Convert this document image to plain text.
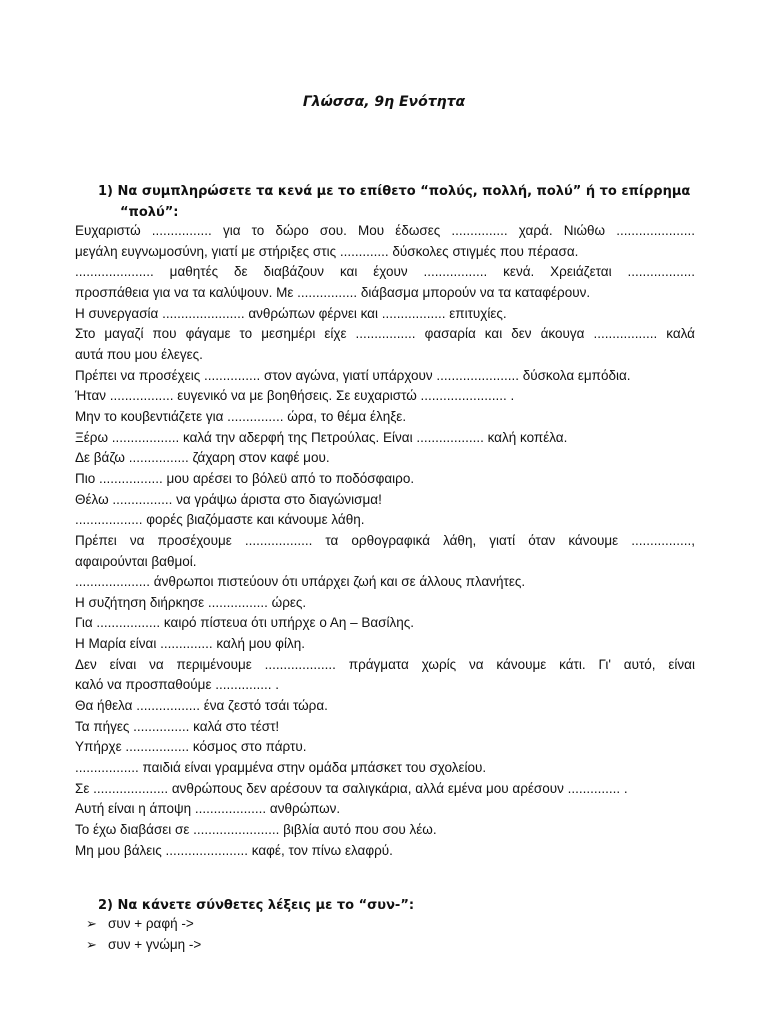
Γλώσσα, 9η Ενότητα
1) Να συμπληρώσετε τα κενά με το επίθετο “πολύς, πολλή, πολύ” ή το επίρρημα
“πολύ”:
Ευχαριστώ ................ για το δώρο σου. Μου έδωσες ............... χαρά. Νιώθω .....................
μεγάλη ευγνωμοσύνη, γιατί με στήριξες στις ............. δύσκολες στιγμές που πέρασα.
..................... μαθητές δε διαβάζουν και έχουν ................. κενά. Χρειάζεται ..................
προσπάθεια για να τα καλύψουν. Με ................ διάβασμα μπορούν να τα καταφέρουν.
Η συνεργασία ...................... ανθρώπων φέρνει και ................. επιτυχίες.
Στο μαγαζί που φάγαμε το μεσημέρι είχε ................ φασαρία και δεν άκουγα ................. καλά
αυτά που μου έλεγες.
Πρέπει να προσέχεις ............... στον αγώνα, γιατί υπάρχουν ...................... δύσκολα εμπόδια.
Ήταν ................. ευγενικό να με βοηθήσεις. Σε ευχαριστώ ....................... .
Μην το κουβεντιάζετε για ............... ώρα, το θέμα έληξε.
Ξέρω .................. καλά την αδερφή της Πετρούλας. Είναι .................. καλή κοπέλα.
Δε βάζω ................ ζάχαρη στον καφέ μου.
Πιο ................. μου αρέσει το βόλεϋ από το ποδόσφαιρο.
Θέλω ................ να γράψω άριστα στο διαγώνισμα!
.................. φορές βιαζόμαστε και κάνουμε λάθη.
Πρέπει να προσέχουμε .................. τα ορθογραφικά λάθη, γιατί όταν κάνουμε ................,
αφαιρούνται βαθμοί.
.................... άνθρωποι πιστεύουν ότι υπάρχει ζωή και σε άλλους πλανήτες.
Η συζήτηση διήρκησε ................ ώρες.
Για ................. καιρό πίστευα ότι υπήρχε ο Αη – Βασίλης.
Η Μαρία είναι .............. καλή μου φίλη.
Δεν είναι να περιμένουμε ................... πράγματα χωρίς να κάνουμε κάτι. Γι' αυτό, είναι
καλό να προσπαθούμε ............... .
Θα ήθελα ................. ένα ζεστό τσάι τώρα.
Τα πήγες ............... καλά στο τέστ!
Υπήρχε ................. κόσμος στο πάρτυ.
................. παιδιά είναι γραμμένα στην ομάδα μπάσκετ του σχολείου.
Σε .................... ανθρώπους δεν αρέσουν τα σαλιγκάρια, αλλά εμένα μου αρέσουν .............. .
Αυτή είναι η άποψη ................... ανθρώπων.
Το έχω διαβάσει σε ....................... βιβλία αυτό που σου λέω.
Μη μου βάλεις ...................... καφέ, τον πίνω ελαφρύ.
2) Να κάνετε σύνθετες λέξεις με το “συν-”:
➢ συν + ραφή ->
➢ συν + γνώμη ->
